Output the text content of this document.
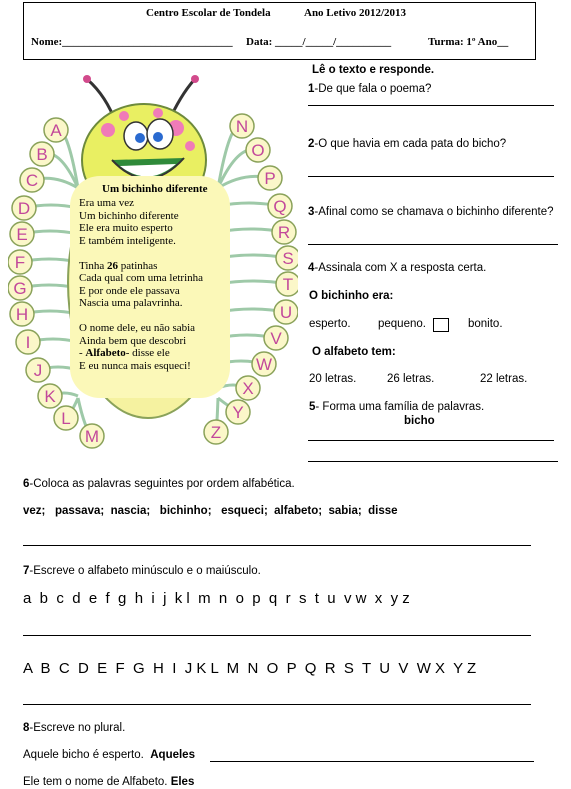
Centro Escolar de Tondela	Ano Letivo 2012/2013
Nome:_______________________________ Data: _____/_____/__________	Turma: 1º Ano__
A
B
C
D
E
F
G
H
I
J
K
L
M
N
O
P
Q
R
S
T
U
V
W
X
Y
Z
Um bichinho diferente
Era uma vez
Um bichinho diferente
Ele era muito esperto
E também inteligente.
Tinha 26 patinhas
Cada qual com uma letrinha
E por onde ele passava
Nascia uma palavrinha.
O nome dele, eu não sabia
Ainda bem que descobri
- Alfabeto- disse ele
E eu nunca mais esqueci!
Lê o texto e responde.
1-De que fala o poema?
2-O que havia em cada pata do bicho?
3-Afinal como se chamava o bichinho diferente?
4-Assinala com X a resposta certa.
O bichinho era:
esperto. pequeno.	bonito.
O alfabeto tem:
20 letras.	26 letras.	22 letras.
5- Forma uma família de palavras.
bicho
6-Coloca as palavras seguintes por ordem alfabética.
vez;   passava;  nascia;   bichinho;   esqueci;  alfabeto;  sabia;  disse
7-Escreve o alfabeto minúsculo e o maiúsculo.
a  b  c  d  e  f  g  h  i  j  k l  m  n  o  p  q  r  s  t  u  v w  x  y z
A  B  C  D  E  F  G  H  I  J K L  M  N  O  P  Q  R  S  T  U  V  W X  Y Z
8-Escreve no plural.
Aquele bicho é esperto. Aqueles
Ele tem o nome de Alfabeto. Eles
